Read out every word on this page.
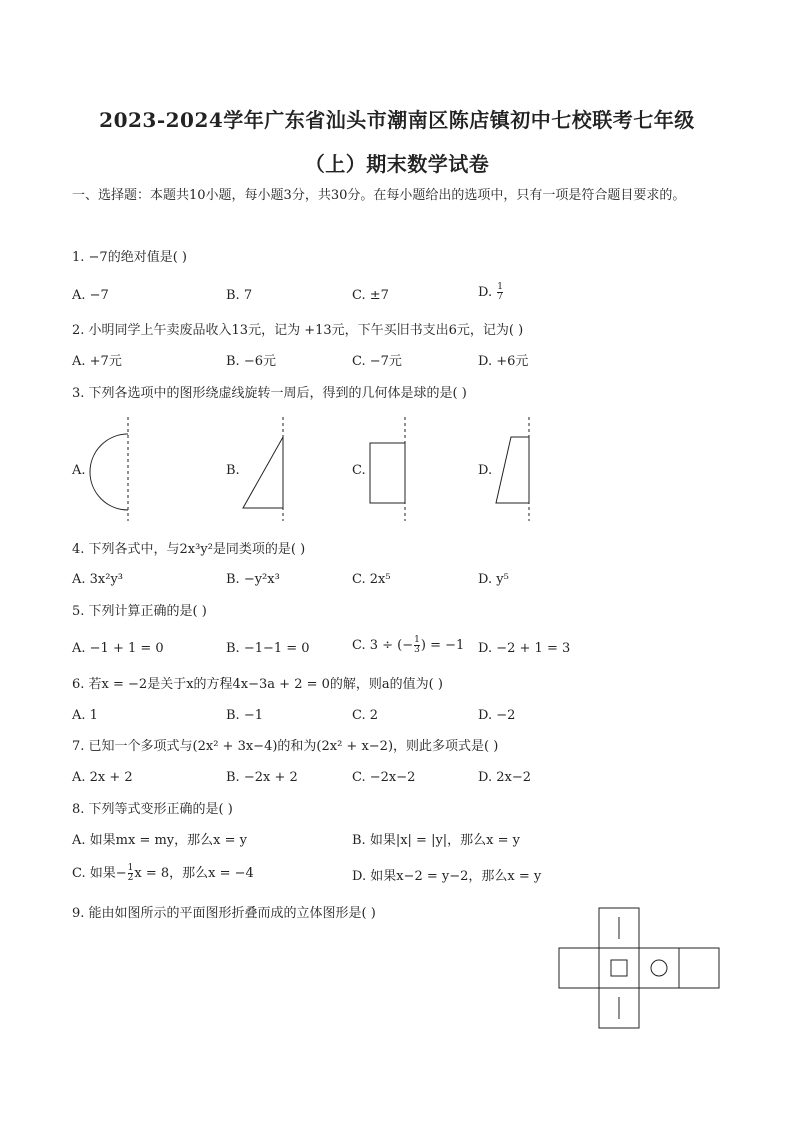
2023-2024学年广东省汕头市潮南区陈店镇初中七校联考七年级
（上）期末数学试卷
一、选择题：本题共10小题，每小题3分，共30分。在每小题给出的选项中，只有一项是符合题目要求的。
1. −7的绝对值是( )
A. −7	B. 7	C. ±7	D. $\frac{1}{7}$
2. 小明同学上午卖废品收入13元，记为 +13元，下午买旧书支出6元，记为( )
A. +7元	B. −6元	C. −7元	D. +6元
3. 下列各选项中的图形绕虚线旋转一周后，得到的几何体是球的是( )
A.	B.	C.	D.
4. 下列各式中，与2x³y²是同类项的是( )
A. 3x²y³	B. −y²x³	C. 2x⁵	D. y⁵
5. 下列计算正确的是( )
A. −1 + 1 = 0	B. −1−1 = 0	C. 3 ÷ (− $\frac{1}{3}$ ) = −1 D. −2 + 1 = 3
6. 若x = −2是关于x的方程4x−3a + 2 = 0的解，则a的值为( )
A. 1	B. −1	C. 2	D. −2
7. 已知一个多项式与(2x² + 3x−4)的和为(2x² + x−2)，则此多项式是( )
A. 2x + 2	B. −2x + 2	C. −2x−2	D. 2x−2
8. 下列等式变形正确的是( )
A. 如果mx = my，那么x = y	B. 如果|x| = |y|，那么x = y
C. 如果− $\frac{1}{2}$ x = 8，那么x = −4	D. 如果x−2 = y−2，那么x = y
9. 能由如图所示的平面图形折叠而成的立体图形是( )
